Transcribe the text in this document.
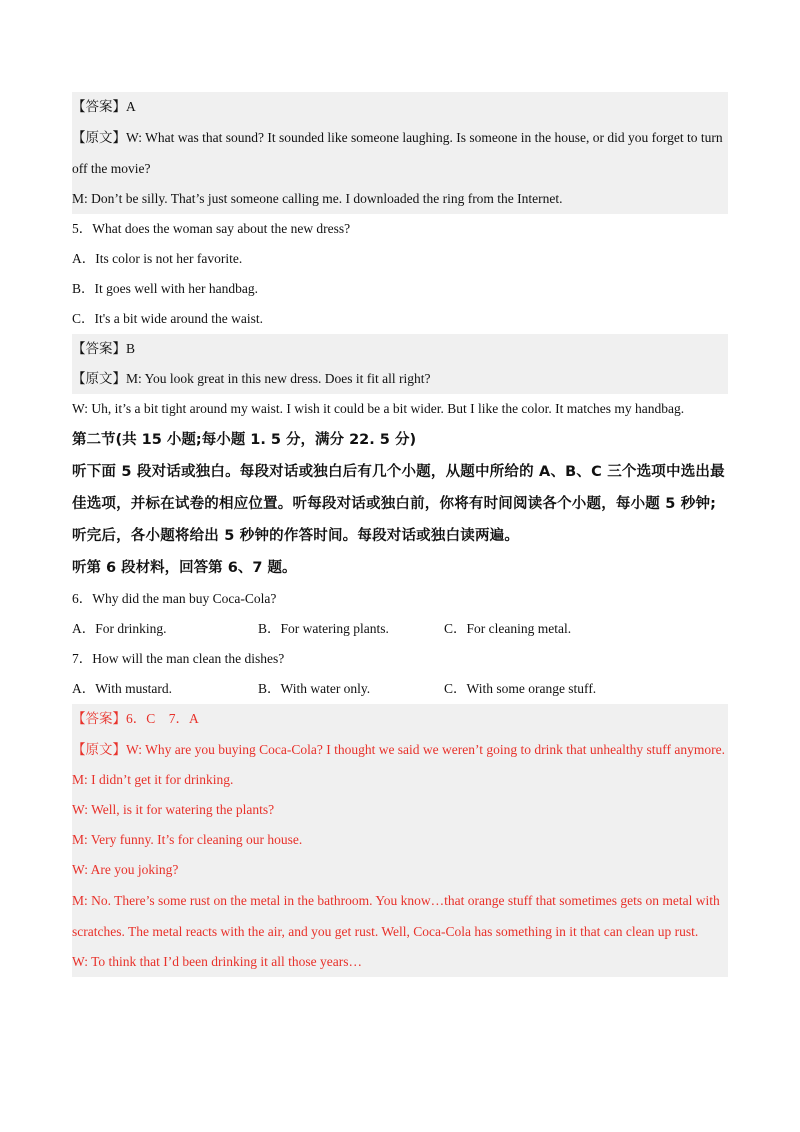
【答案】A
【原文】W: What was that sound? It sounded like someone laughing. Is someone in the house, or did you forget to turn off the movie?
M: Don’t be silly. That’s just someone calling me. I downloaded the ring from the Internet.
5．What does the woman say about the new dress?
A．Its color is not her favorite.
B．It goes well with her handbag.
C．It's a bit wide around the waist.
【答案】B
【原文】M: You look great in this new dress. Does it fit all right?
W: Uh, it’s a bit tight around my waist. I wish it could be a bit wider. But I like the color. It matches my handbag.
第二节(共 15 小题;每小题 1. 5 分，满分 22. 5 分)
听下面 5 段对话或独白。每段对话或独白后有几个小题，从题中所给的 A、B、C 三个选项中选出最佳选项，并标在试卷的相应位置。听每段对话或独白前，你将有时间阅读各个小题，每小题 5 秒钟;听完后，各小题将给出 5 秒钟的作答时间。每段对话或独白读两遍。
听第 6 段材料，回答第 6、7 题。
6．Why did the man buy Coca-Cola?
A．For drinking.	B．For watering plants.	C．For cleaning metal.
7．How will the man clean the dishes?
A．With mustard.	B．With water only.	C．With some orange stuff.
【答案】6．C　7．A
【原文】W: Why are you buying Coca-Cola? I thought we said we weren’t going to drink that unhealthy stuff anymore.
M: I didn’t get it for drinking.
W: Well, is it for watering the plants?
M: Very funny. It’s for cleaning our house.
W: Are you joking?
M: No. There’s some rust on the metal in the bathroom. You know…that orange stuff that sometimes gets on metal with scratches. The metal reacts with the air, and you get rust. Well, Coca-Cola has something in it that can clean up rust.
W: To think that I’d been drinking it all those years…
